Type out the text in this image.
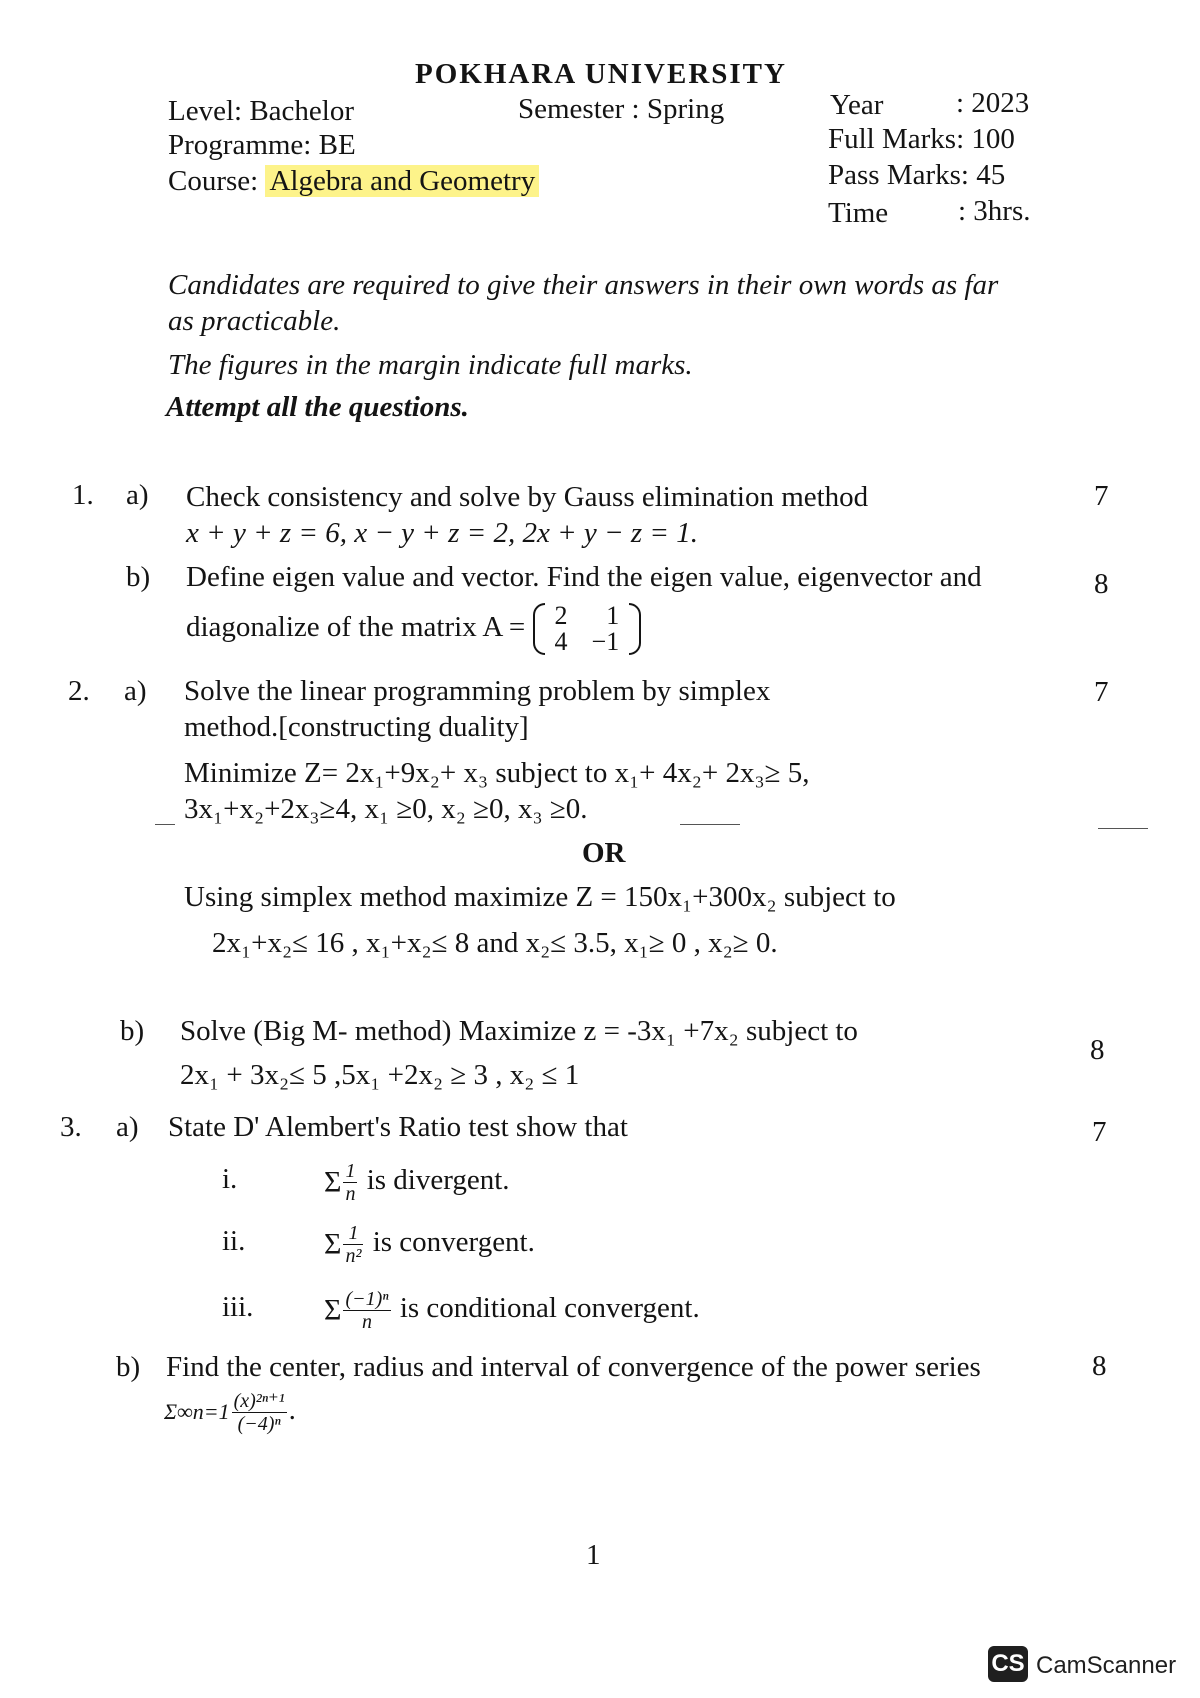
POKHARA UNIVERSITY
Level: Bachelor
Programme: BE
Course: Algebra and Geometry
Semester : Spring	Year	: 2023
Full Marks: 100
Pass Marks: 45
Time : 3hrs.
Candidates are required to give their answers in their own words as far
as practicable.
The figures in the margin indicate full marks.
Attempt all the questions.
1. a) Check consistency and solve by Gauss elimination method
x + y + z = 6, x − y + z = 2, 2x + y − z = 1.
7
b) Define eigen value and vector. Find the eigen value, eigenvector and
diagonalize of the matrix A = 2	1
4	−1
8
2. a) Solve the linear programming problem by simplex
method.[constructing duality]
Minimize Z= 2x₁+9x₂+ x₃ subject to x₁+ 4x₂+ 2x₃≥ 5,
3x₁+x₂+2x₃≥4, x₁ ≥0, x₂ ≥0, x₃ ≥0.
7
OR
Using simplex method maximize Z = 150x₁+300x₂ subject to
2x₁+x₂≤ 16 , x₁+x₂≤ 8 and x₂≤ 3.5, x₁≥ 0 , x₂≥ 0.
b) Solve (Big M- method) Maximize z = -3x₁ +7x₂ subject to
2x₁ + 3x₂≤ 5 ,5x₁ +2x₂ ≥ 3 , x₂ ≤ 1
8
3. a) State D' Alembert's Ratio test show that	7
i.	Σ $\frac{1}{n}$ is divergent.
ii.	Σ $\frac{1}{\text{n²}}$ is convergent.
iii. Σ $\frac{\text{(−1)ⁿ}}{n}$ is conditional convergent.
b) Find the center, radius and interval of convergence of the power series	8
$\Sigma\infty n=1 \frac{\text{(x)²ⁿ⁺¹}}{\text{(−4)ⁿ}}$ .
1
CS CamScanner
